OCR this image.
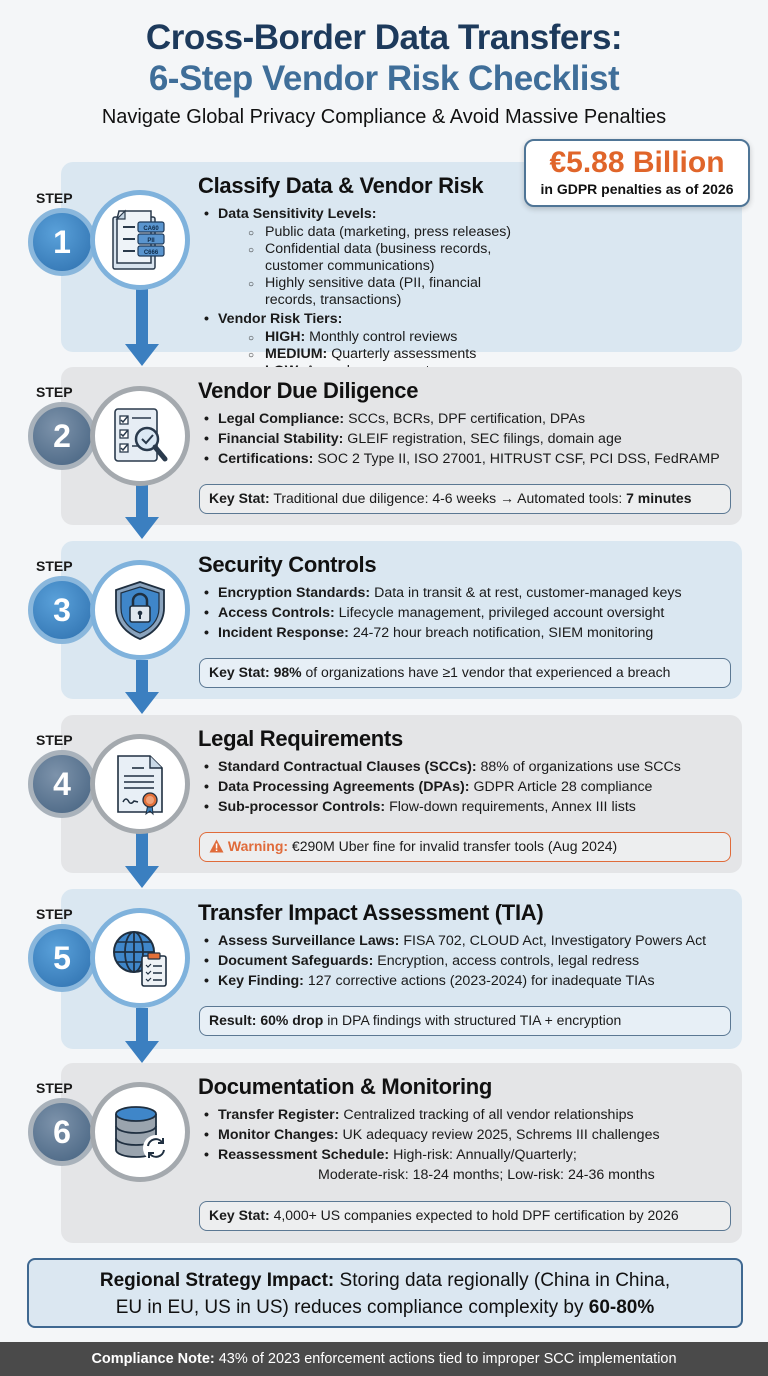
Cross-Border Data Transfers:
6-Step Vendor Risk Checklist
Navigate Global Privacy Compliance & Avoid Massive Penalties
STEP
1	CA60
PII
C666
Classify Data & Vendor Risk
• Data Sensitivity Levels:
○ Public data (marketing, press releases)
○ Confidential data (business records, customer communications)
○ Highly sensitive data (PII, financial records, transactions)
• Vendor Risk Tiers:
○ HIGH: Monthly control reviews
○ MEDIUM: Quarterly assessments
○
€5.88 Billion
in GDPR penalties as of 2026
STEP
2
Vendor Due Diligence
• Legal Compliance: SCCs, BCRs, DPF certification, DPAs
• Financial Stability: GLEIF registration, SEC filings, domain age
• Certifications: SOC 2 Type II, ISO 27001, HITRUST CSF, PCI DSS, FedRAMP
Key Stat: Traditional due diligence: 4-6 weeks → Automated tools: 7 minutes
STEP
3
Security Controls
• Encryption Standards: Data in transit & at rest, customer-managed keys
• Access Controls: Lifecycle management, privileged account oversight
• Incident Response: 24-72 hour breach notification, SIEM monitoring
Key Stat: 98% of organizations have ≥1 vendor that experienced a breach
STEP
4
Legal Requirements
• Standard Contractual Clauses (SCCs): 88% of organizations use SCCs
• Data Processing Agreements (DPAs): GDPR Article 28 compliance
• Sub-processor Controls: Flow-down requirements, Annex III lists
Warning: €290M Uber fine for invalid transfer tools (Aug 2024)
STEP
5
Transfer Impact Assessment (TIA)
• Assess Surveillance Laws: FISA 702, CLOUD Act, Investigatory Powers Act
• Document Safeguards: Encryption, access controls, legal redress
• Key Finding: 127 corrective actions (2023-2024) for inadequate TIAs
Result: 60% drop in DPA findings with structured TIA + encryption
STEP
6
Documentation & Monitoring
• Transfer Register: Centralized tracking of all vendor relationships
• Monitor Changes: UK adequacy review 2025, Schrems III challenges
• Reassessment Schedule: High-risk: Annually/Quarterly;
Moderate-risk: 18-24 months; Low-risk: 24-36 months
Key Stat: 4,000+ US companies expected to hold DPF certification by 2026
Regional Strategy Impact: Storing data regionally (China in China,
EU in EU, US in US) reduces compliance complexity by 60-80%
Compliance Note: 43% of 2023 enforcement actions tied to improper SCC implementation
